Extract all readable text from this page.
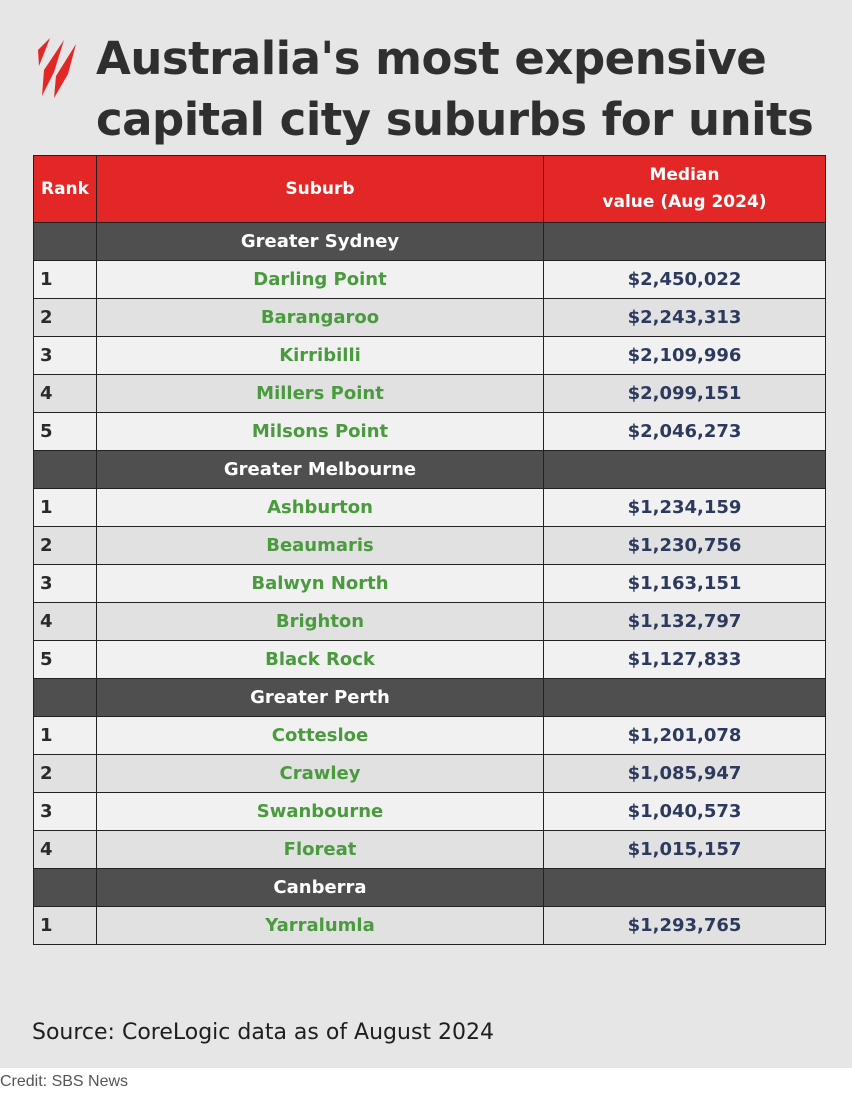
Australia's most expensive
capital city suburbs for units
Rank	Suburb	Median
value (Aug 2024)

	Greater Sydney	
1	Darling Point	$2,450,022
2	Barangaroo	$2,243,313
3	Kirribilli	$2,109,996
4	Millers Point	$2,099,151
5	Milsons Point	$2,046,273
	Greater Melbourne	
1	Ashburton	$1,234,159
2	Beaumaris	$1,230,756
3	Balwyn North	$1,163,151
4	Brighton	$1,132,797
5	Black Rock	$1,127,833
	Greater Perth	
1	Cottesloe	$1,201,078
2	Crawley	$1,085,947
3	Swanbourne	$1,040,573
4	Floreat	$1,015,157
	Canberra	
1	Yarralumla	$1,293,765
Source: CoreLogic data as of August 2024
Credit: SBS News
